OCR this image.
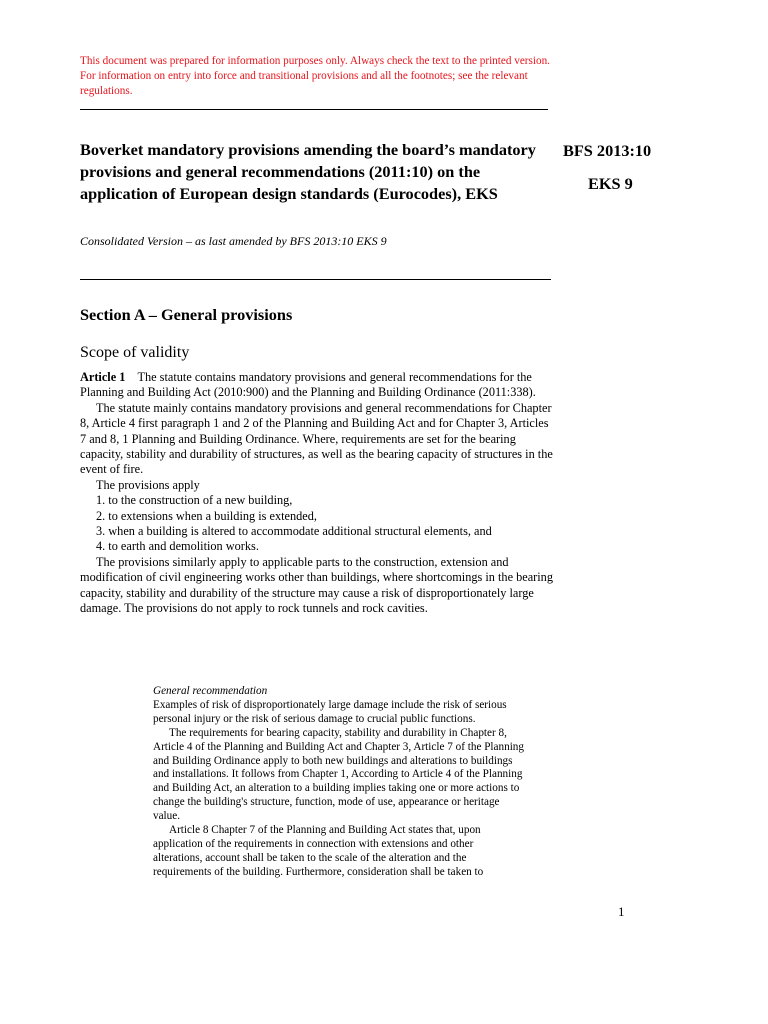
This document was prepared for information purposes only. Always check the text to the printed version. For information on entry into force and transitional provisions and all the footnotes; see the relevant regulations.
Boverket mandatory provisions amending the board’s mandatory provisions and general recommendations (2011:10) on the application of European design standards (Eurocodes), EKS
BFS 2013:10
EKS 9
Consolidated Version – as last amended by BFS 2013:10 EKS 9
Section A – General provisions
Scope of validity

Article 1 The statute contains mandatory provisions and general recommendations for the Planning and Building Act (2010:900) and the Planning and Building Ordinance (2011:338).

The statute mainly contains mandatory provisions and general recommendations for Chapter 8, Article 4 first paragraph 1 and 2 of the Planning and Building Act and for Chapter 3, Articles 7 and 8, 1 Planning and Building Ordinance. Where, requirements are set for the bearing capacity, stability and durability of structures, as well as the bearing capacity of structures in the event of fire.

The provisions apply

1. to the construction of a new building,

2. to extensions when a building is extended,

3. when a building is altered to accommodate additional structural elements, and

4. to earth and demolition works.

The provisions similarly apply to applicable parts to the construction, extension and modification of civil engineering works other than buildings, where shortcomings in the bearing capacity, stability and durability of the structure may cause a risk of disproportionately large damage. The provisions do not apply to rock tunnels and rock cavities.

General recommendation

Examples of risk of disproportionately large damage include the risk of serious personal injury or the risk of serious damage to crucial public functions.

The requirements for bearing capacity, stability and durability in Chapter 8, Article 4 of the Planning and Building Act and Chapter 3, Article 7 of the Planning and Building Ordinance apply to both new buildings and alterations to buildings and installations. It follows from Chapter 1, According to Article 4 of the Planning and Building Act, an alteration to a building implies taking one or more actions to change the building's structure, function, mode of use, appearance or heritage value.

Article 8 Chapter 7 of the Planning and Building Act states that, upon application of the requirements in connection with extensions and other alterations, account shall be taken to the scale of the alteration and the requirements of the building. Furthermore, consideration shall be taken to

1
